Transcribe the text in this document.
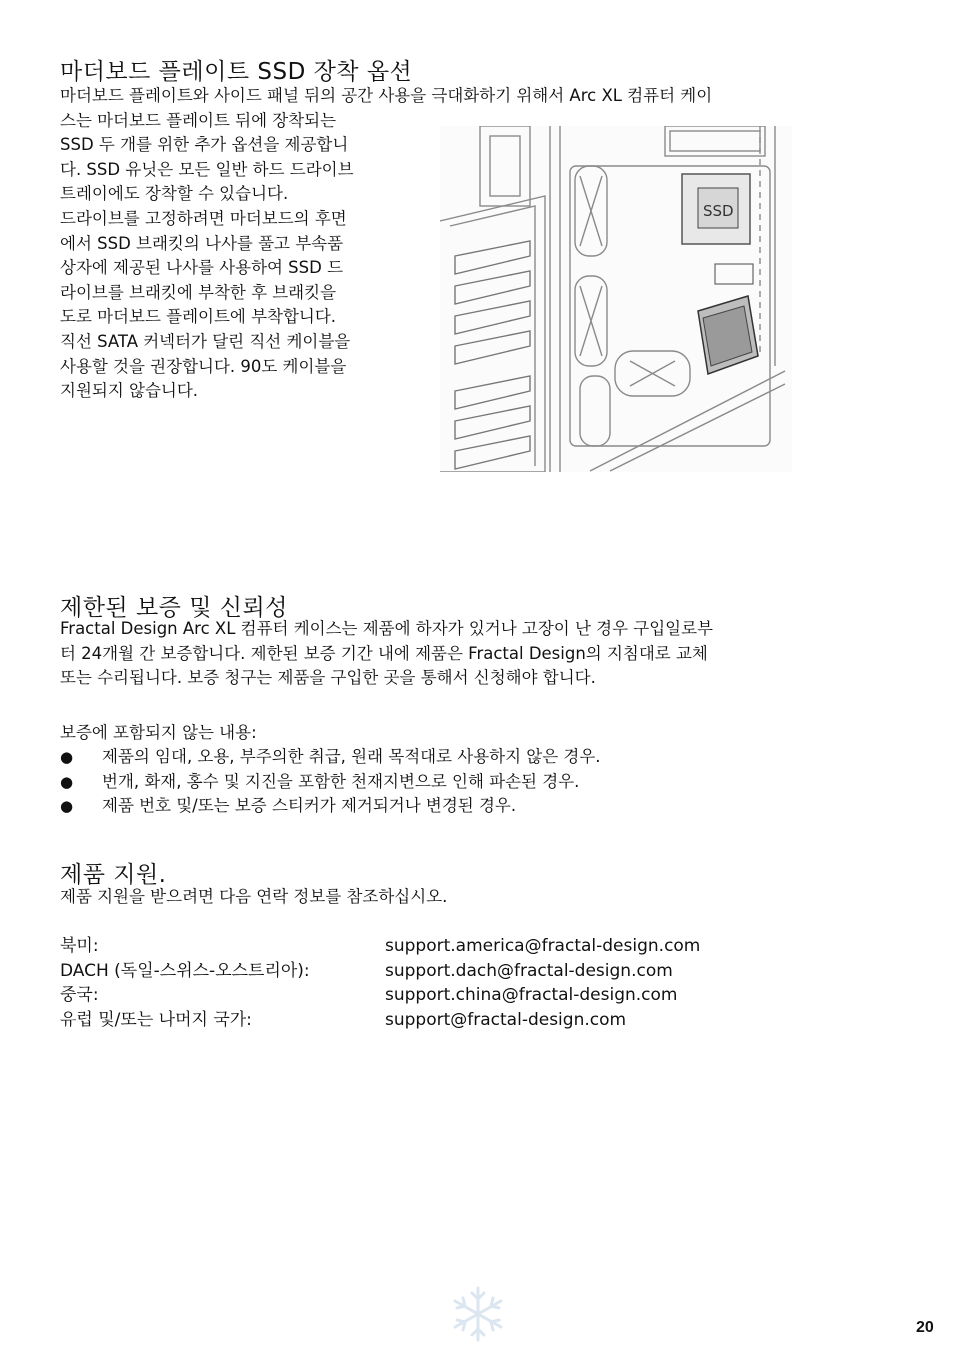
마더보드 플레이트 SSD 장착 옵션
마더보드 플레이트와 사이드 패널 뒤의 공간 사용을 극대화하기 위해서 Arc XL 컴퓨터 케이
스는 마더보드 플레이트 뒤에 장착되는
SSD 두 개를 위한 추가 옵션을 제공합니
다. SSD 유닛은 모든 일반 하드 드라이브
트레이에도 장착할 수 있습니다.
드라이브를 고정하려면 마더보드의 후면
에서 SSD 브래킷의 나사를 풀고 부속품
상자에 제공된 나사를 사용하여 SSD 드
라이브를 브래킷에 부착한 후 브래킷을
도로 마더보드 플레이트에 부착합니다.
직선 SATA 커넥터가 달린 직선 케이블을
사용할 것을 권장합니다. 90도 케이블을
지원되지 않습니다.
SSD
제한된 보증 및 신뢰성
Fractal Design Arc XL 컴퓨터 케이스는 제품에 하자가 있거나 고장이 난 경우 구입일로부
터 24개월 간 보증합니다. 제한된 보증 기간 내에 제품은 Fractal Design의 지침대로 교체
또는 수리됩니다. 보증 청구는 제품을 구입한 곳을 통해서 신청해야 합니다.
보증에 포함되지 않는 내용:
●	제품의 임대, 오용, 부주의한 취급, 원래 목적대로 사용하지 않은 경우.
●	번개, 화재, 홍수 및 지진을 포함한 천재지변으로 인해 파손된 경우.
●	제품 번호 및/또는 보증 스티커가 제거되거나 변경된 경우.
제품 지원.
제품 지원을 받으려면 다음 연락 정보를 참조하십시오.
북미:	support.america@fractal-design.com
DACH (독일-스위스-오스트리아):	support.dach@fractal-design.com
중국:	support.china@fractal-design.com
유럽 및/또는 나머지 국가:	support@fractal-design.com
20
